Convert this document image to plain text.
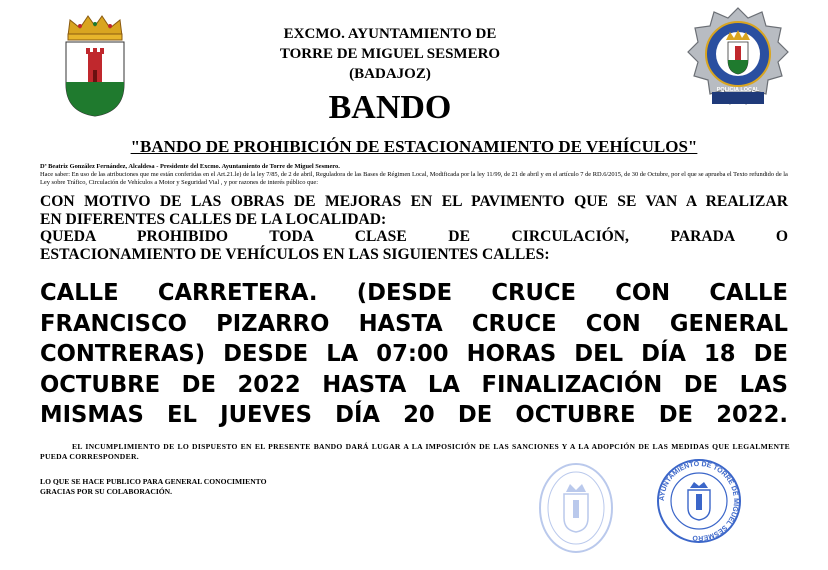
EXCMO. AYUNTAMIENTO DE
TORRE DE MIGUEL SESMERO
(BADAJOZ)
POLICIA LOCAL
BANDO
"BANDO DE PROHIBICIÓN DE ESTACIONAMIENTO DE VEHÍCULOS"
Dª Beatriz González Fernández, Alcaldesa - Presidente del Excmo. Ayuntamiento de Torre de Miguel Sesmero.
Hace saber: En uso de las atribuciones que me están conferidas en el Art.21.le) de la ley 7/85, de 2 de abril, Reguladora de las Bases de Régimen Local, Modificada por la ley 11/99, de 21 de abril y en el artículo 7 de RD.6/2015, de 30 de Octubre, por el que se aprueba el Texto refundido de la Ley sobre Tráfico, Circulación de Vehículos a Motor y Seguridad Vial , y por razones de interés público que:

CON MOTIVO DE LAS OBRAS DE MEJORAS EN EL PAVIMENTO QUE SE VAN A REALIZAR

EN DIFERENTES CALLES DE LA LOCALIDAD:

QUEDA PROHIBIDO TODA CLASE DE CIRCULACIÓN, PARADA O

ESTACIONAMIENTO DE VEHÍCULOS EN LAS SIGUIENTES CALLES:

CALLE CARRETERA. (DESDE CRUCE CON CALLE
FRANCISCO PIZARRO HASTA CRUCE CON GENERAL
CONTRERAS) DESDE LA 07:00 HORAS DEL DÍA 18 DE
OCTUBRE DE 2022 HASTA LA FINALIZACIÓN DE LAS
MISMAS EL JUEVES DÍA 20 DE OCTUBRE DE 2022.
EL INCUMPLIMIENTO DE LO DISPUESTO EN EL PRESENTE BANDO DARÁ LUGAR A LA IMPOSICIÓN DE LAS SANCIONES Y A LA ADOPCIÓN DE LAS MEDIDAS QUE LEGALMENTE PUEDA CORRESPONDER.
LO QUE SE HACE PUBLICO PARA GENERAL CONOCIMIENTO
GRACIAS POR SU COLABORACIÓN.
AYUNTAMIENTO DE TORRE DE MIGUEL SESMERO
